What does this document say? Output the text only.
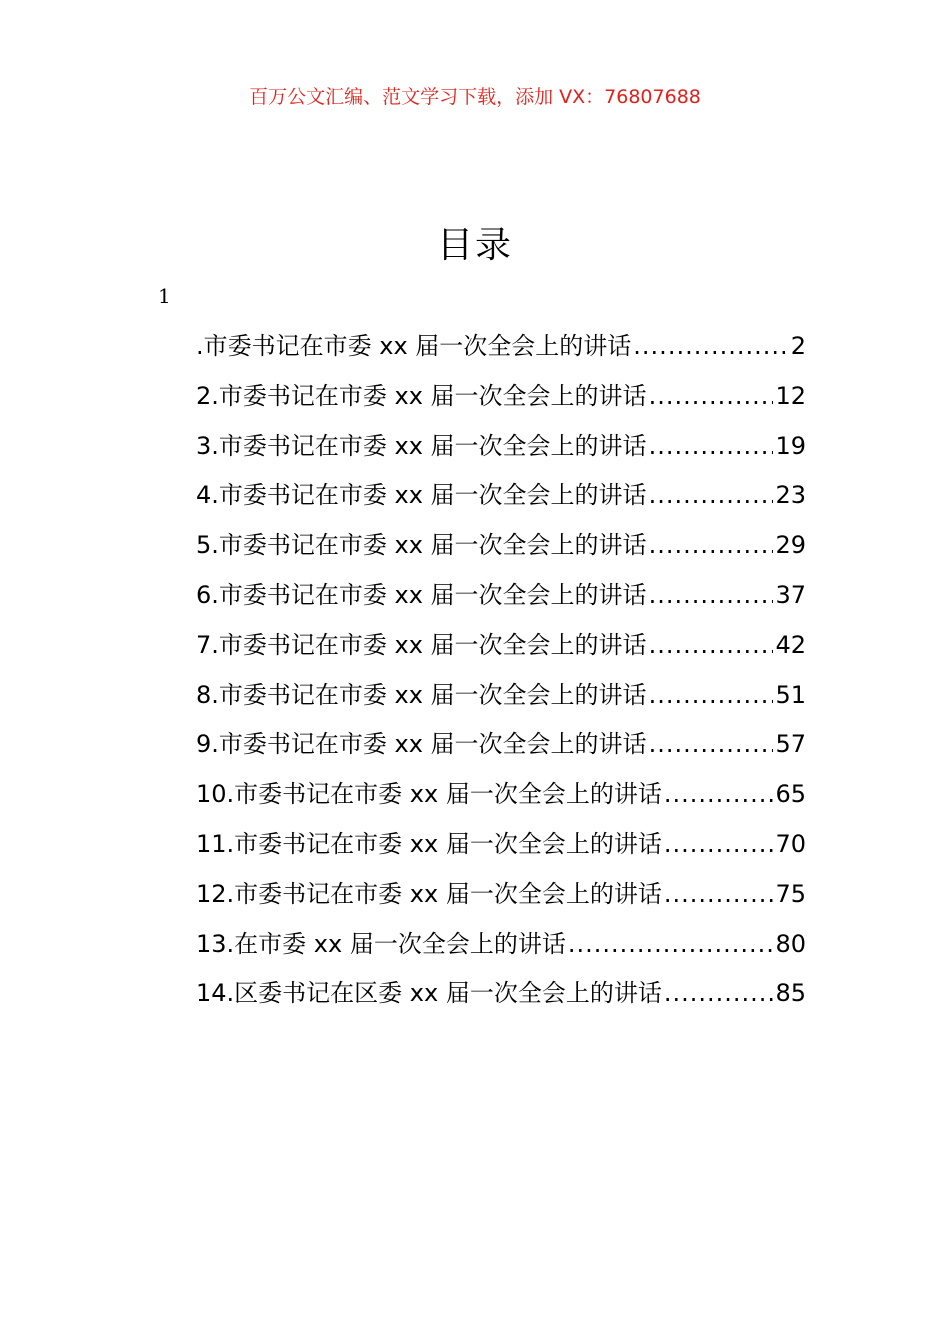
百万公文汇编、范文学习下载，添加 VX：76807688
目录
1
.市委书记在市委 xx 届一次全会上的讲话 .....	2
2.市委书记在市委 xx 届一次全会上的讲话 .....	12
3.市委书记在市委 xx 届一次全会上的讲话 .....	19
4.市委书记在市委 xx 届一次全会上的讲话 .....	23
5.市委书记在市委 xx 届一次全会上的讲话 .....	29
6.市委书记在市委 xx 届一次全会上的讲话 .....	37
7.市委书记在市委 xx 届一次全会上的讲话 .....	42
8.市委书记在市委 xx 届一次全会上的讲话 .....	51
9.市委书记在市委 xx 届一次全会上的讲话 .....	57
10.市委书记在市委 xx 届一次全会上的讲话 .....	65
11.市委书记在市委 xx 届一次全会上的讲话 .....	70
12.市委书记在市委 xx 届一次全会上的讲话 .....	75
13.在市委 xx 届一次全会上的讲话 .....	80
14.区委书记在区委 xx 届一次全会上的讲话 .....	85
